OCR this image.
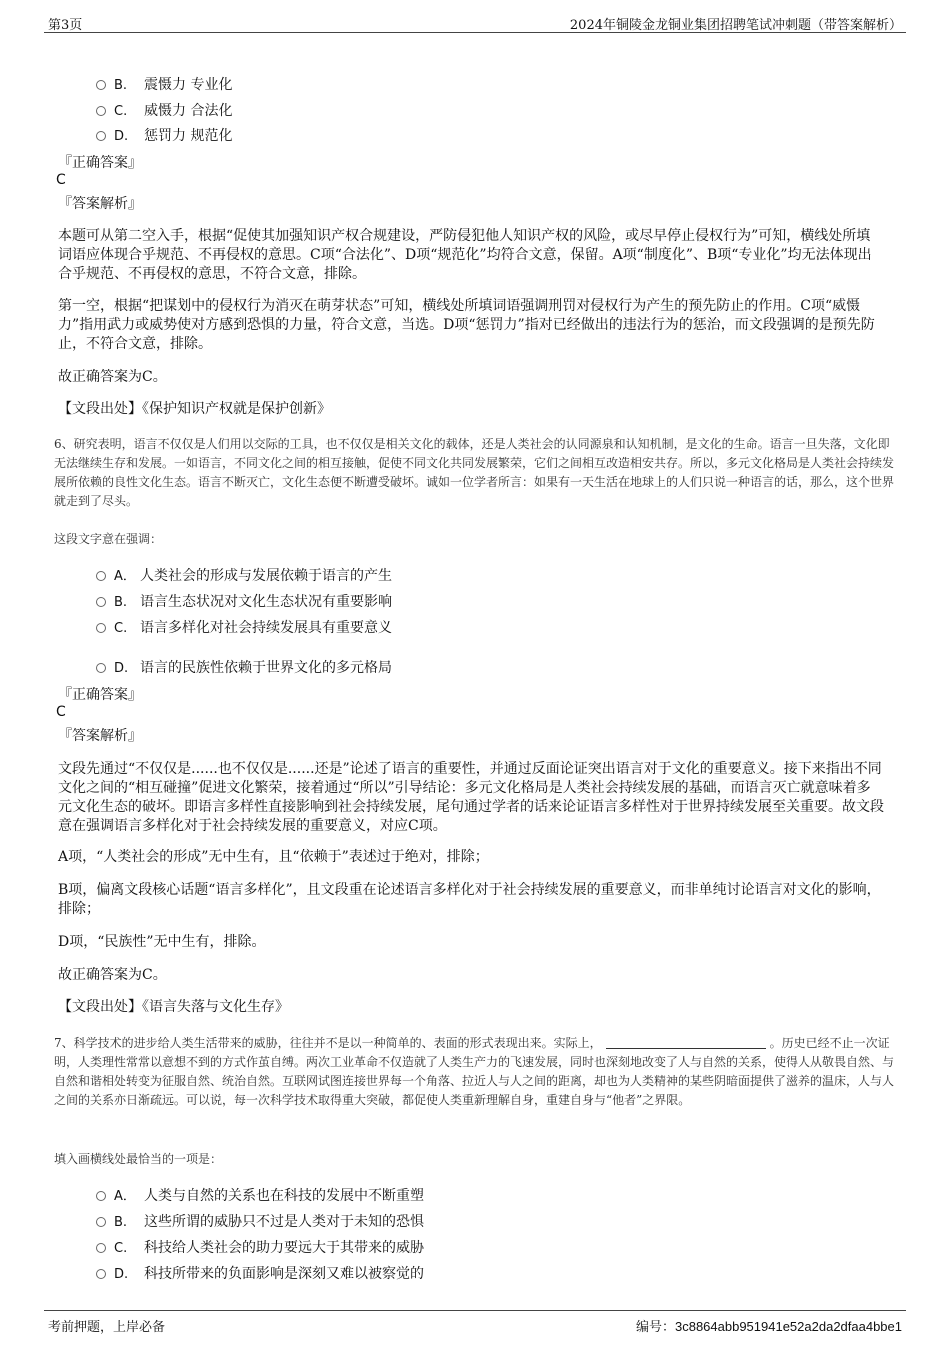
第3页	2024年铜陵金龙铜业集团招聘笔试冲刺题（带答案解析）
B. 震慑力 专业化
C. 威慑力 合法化
D. 惩罚力 规范化
『正确答案』
C
『答案解析』
本题可从第二空入手，根据“促使其加强知识产权合规建设，严防侵犯他人知识产权的风险，或尽早停止侵权行为”可知，横线处所填词语应体现合乎规范、不再侵权的意思。C项“合法化”、D项“规范化”均符合文意，保留。A项“制度化”、B项“专业化”均无法体现出合乎规范、不再侵权的意思，不符合文意，排除。
第一空，根据“把谋划中的侵权行为消灭在萌芽状态”可知，横线处所填词语强调刑罚对侵权行为产生的预先防止的作用。C项“威慑力”指用武力或威势使对方感到恐惧的力量，符合文意，当选。D项“惩罚力”指对已经做出的违法行为的惩治，而文段强调的是预先防止，不符合文意，排除。
故正确答案为C。
【文段出处】《保护知识产权就是保护创新》
6、研究表明，语言不仅仅是人们用以交际的工具，也不仅仅是相关文化的载体，还是人类社会的认同源泉和认知机制，是文化的生命。语言一旦失落，文化即无法继续生存和发展。一如语言，不同文化之间的相互接触，促使不同文化共同发展繁荣，它们之间相互改造相安共存。所以，多元文化格局是人类社会持续发展所依赖的良性文化生态。语言不断灭亡，文化生态便不断遭受破坏。诚如一位学者所言：如果有一天生活在地球上的人们只说一种语言的话，那么，这个世界就走到了尽头。
这段文字意在强调：
A． 人类社会的形成与发展依赖于语言的产生
B. 语言生态状况对文化生态状况有重要影响
C. 语言多样化对社会持续发展具有重要意义
D. 语言的民族性依赖于世界文化的多元格局
『正确答案』
C
『答案解析』
文段先通过“不仅仅是......也不仅仅是......还是”论述了语言的重要性，并通过反面论证突出语言对于文化的重要意义。接下来指出不同文化之间的“相互碰撞”促进文化繁荣，接着通过“所以”引导结论：多元文化格局是人类社会持续发展的基础，而语言灭亡就意味着多元文化生态的破坏。即语言多样性直接影响到社会持续发展，尾句通过学者的话来论证语言多样性对于世界持续发展至关重要。故文段意在强调语言多样化对于社会持续发展的重要意义，对应C项。
A项，“人类社会的形成”无中生有，且“依赖于”表述过于绝对，排除；
B项，偏离文段核心话题“语言多样化”，且文段重在论述语言多样化对于社会持续发展的重要意义，而非单纯讨论语言对文化的影响，排除；
D项，“民族性”无中生有，排除。
故正确答案为C。
【文段出处】《语言失落与文化生存》
7、科学技术的进步给人类生活带来的威胁，往往并不是以一种简单的、表面的形式表现出来。实际上，	。历史已经不止一次证明，人类理性常常以意想不到的方式作茧自缚。两次工业革命不仅造就了人类生产力的飞速发展，同时也深刻地改变了人与自然的关系，使得人从敬畏自然、与自然和谐相处转变为征服自然、统治自然。互联网试图连接世界每一个角落、拉近人与人之间的距离，却也为人类精神的某些阴暗面提供了滋养的温床，人与人之间的关系亦日渐疏远。可以说，每一次科学技术取得重大突破，都促使人类重新理解自身，重建自身与“他者”之界限。
填入画横线处最恰当的一项是：
A． 人类与自然的关系也在科技的发展中不断重塑
B. 这些所谓的威胁只不过是人类对于未知的恐惧
C. 科技给人类社会的助力要远大于其带来的威胁
D. 科技所带来的负面影响是深刻又难以被察觉的
考前押题，上岸必备	编号：3c8864abb951941e52a2da2dfaa4bbe1
